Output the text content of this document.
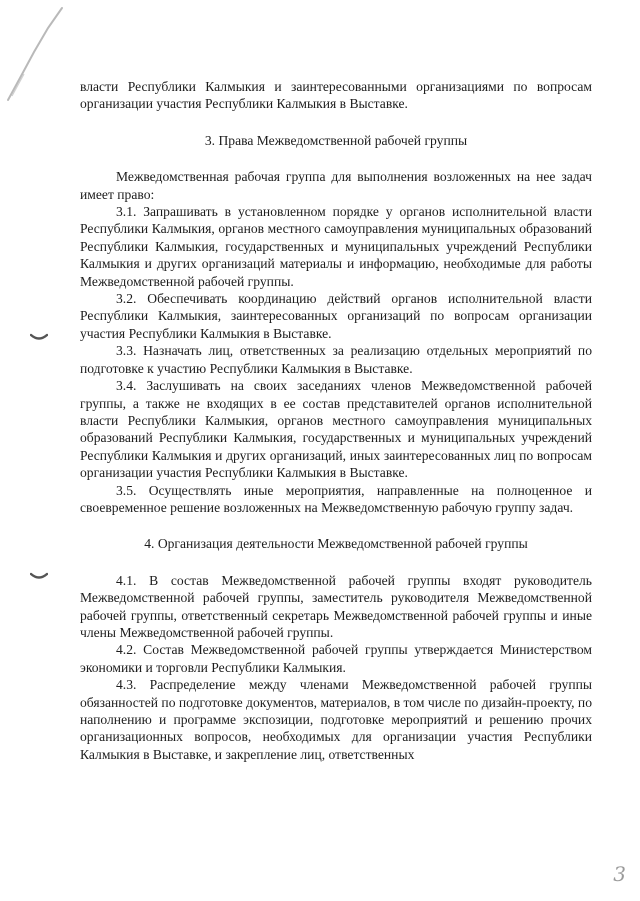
власти Республики Калмыкия и заинтересованными организациями по вопросам организации участия Республики Калмыкия в Выставке.

3. Права Межведомственной рабочей группы

Межведомственная рабочая группа для выполнения возложенных на нее задач имеет право:

3.1. Запрашивать в установленном порядке у органов исполнительной власти Республики Калмыкия, органов местного самоуправления муниципальных образований Республики Калмыкия, государственных и муниципальных учреждений Республики Калмыкия и других организаций материалы и информацию, необходимые для работы Межведомственной рабочей группы.

3.2. Обеспечивать координацию действий органов исполнительной власти Республики Калмыкия, заинтересованных организаций по вопросам организации участия Республики Калмыкия в Выставке.

3.3. Назначать лиц, ответственных за реализацию отдельных мероприятий по подготовке к участию Республики Калмыкия в Выставке.

3.4. Заслушивать на своих заседаниях членов Межведомственной рабочей группы, а также не входящих в ее состав представителей органов исполнительной власти Республики Калмыкия, органов местного самоуправления муниципальных образований Республики Калмыкия, государственных и муниципальных учреждений Республики Калмыкия и других организаций, иных заинтересованных лиц по вопросам организации участия Республики Калмыкия в Выставке.

3.5. Осуществлять иные мероприятия, направленные на полноценное и своевременное решение возложенных на Межведомственную рабочую группу задач.

4. Организация деятельности Межведомственной рабочей группы

4.1. В состав Межведомственной рабочей группы входят руководитель Межведомственной рабочей группы, заместитель руководителя Межведомственной рабочей группы, ответственный секретарь Межведомственной рабочей группы и иные члены Межведомственной рабочей группы.

4.2. Состав Межведомственной рабочей группы утверждается Министерством экономики и торговли Республики Калмыкия.

4.3. Распределение между членами Межведомственной рабочей группы обязанностей по подготовке документов, материалов, в том числе по дизайн-проекту, по наполнению и программе экспозиции, подготовке мероприятий и решению прочих организационных вопросов, необходимых для организации участия Республики Калмыкия в Выставке, и закрепление лиц, ответственных

3
